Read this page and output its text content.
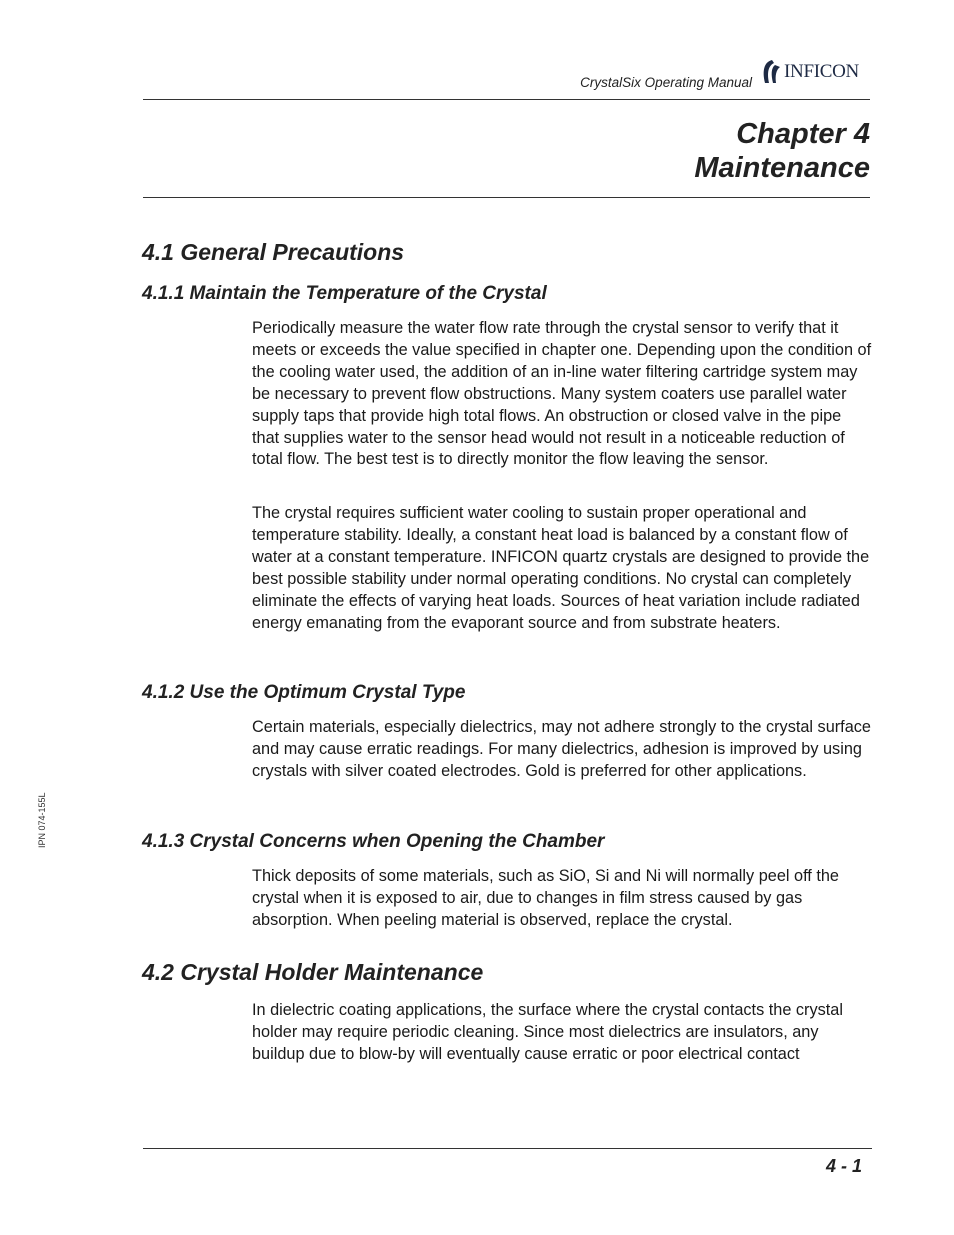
CrystalSix Operating Manual
INFICON
Chapter 4
Maintenance
4.1 General Precautions
4.1.1 Maintain the Temperature of the Crystal
Periodically measure the water flow rate through the crystal sensor to verify that it meets or exceeds the value specified in chapter one. Depending upon the condition of the cooling water used, the addition of an in-line water filtering cartridge system may be necessary to prevent flow obstructions. Many system coaters use parallel water supply taps that provide high total flows. An obstruction or closed valve in the pipe that supplies water to the sensor head would not result in a noticeable reduction of total flow. The best test is to directly monitor the flow leaving the sensor.
The crystal requires sufficient water cooling to sustain proper operational and temperature stability. Ideally, a constant heat load is balanced by a constant flow of water at a constant temperature. INFICON quartz crystals are designed to provide the best possible stability under normal operating conditions. No crystal can completely eliminate the effects of varying heat loads. Sources of heat variation include radiated energy emanating from the evaporant source and from substrate heaters.
4.1.2 Use the Optimum Crystal Type
Certain materials, especially dielectrics, may not adhere strongly to the crystal surface and may cause erratic readings. For many dielectrics, adhesion is improved by using crystals with silver coated electrodes. Gold is preferred for other applications.
4.1.3 Crystal Concerns when Opening the Chamber
Thick deposits of some materials, such as SiO, Si and Ni will normally peel off the crystal when it is exposed to air, due to changes in film stress caused by gas absorption. When peeling material is observed, replace the crystal.
4.2 Crystal Holder Maintenance
In dielectric coating applications, the surface where the crystal contacts the crystal holder may require periodic cleaning. Since most dielectrics are insulators, any buildup due to blow-by will eventually cause erratic or poor electrical contact
IPN 074-155L
4 - 1
